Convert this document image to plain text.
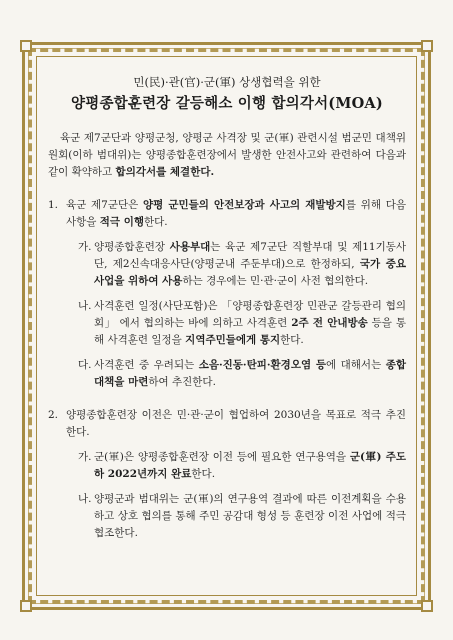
민(民)·관(官)·군(軍) 상생협력을 위한
양평종합훈련장 갈등해소 이행 합의각서(MOA)
육군 제7군단과 양평군청, 양평군 사격장 및 군(軍) 관련시설 범군민 대책위원회(이하 범대위)는 양평종합훈련장에서 발생한 안전사고와 관련하여 다음과 같이 확약하고 합의각서를 체결한다.
1. 육군 제7군단은 양평 군민들의 안전보장과 사고의 재발방지를 위해 다음 사항을 적극 이행한다.
가. 양평종합훈련장 사용부대는 육군 제7군단 직할부대 및 제11기동사단, 제2신속대응사단(양평군내 주둔부대)으로 한정하되, 국가 중요사업을 위하여 사용하는 경우에는 민·관·군이 사전 협의한다.
나. 사격훈련 일정(사단포함)은 「양평종합훈련장 민관군 갈등관리 협의회」 에서 협의하는 바에 의하고 사격훈련 2주 전 안내방송 등을 통해 사격훈련 일정을 지역주민들에게 통지한다.
다. 사격훈련 중 우려되는 소음·진동·탄피·환경오염 등에 대해서는 종합대책을 마련하여 추진한다.
2. 양평종합훈련장 이전은 민·관·군이 협업하여 2030년을 목표로 적극 추진한다.
가. 군(軍)은 양평종합훈련장 이전 등에 필요한 연구용역을 군(軍) 주도하 2022년까지 완료한다.
나. 양평군과 범대위는 군(軍)의 연구용역 결과에 따른 이전계획을 수용하고 상호 협의를 통해 주민 공감대 형성 등 훈련장 이전 사업에 적극 협조한다.
